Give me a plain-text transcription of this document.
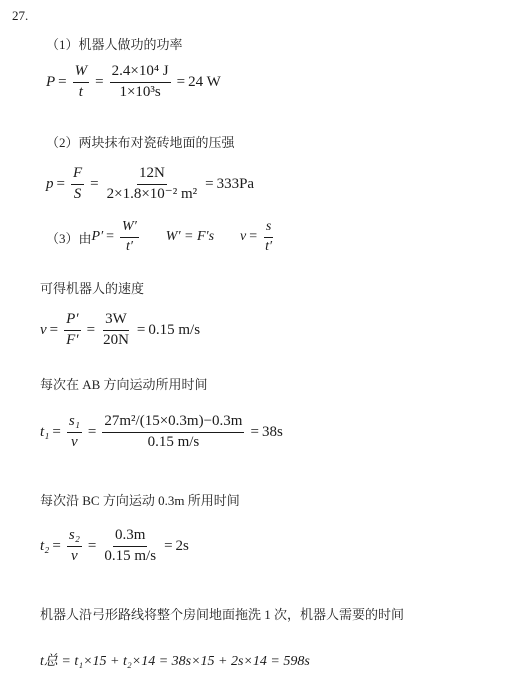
27.
（1）机器人做功的功率
$P = \frac{W}{t} = \frac{\text{2.4×10⁴ J}}{\text{1×10³s}} = 24$ W
（2）两块抹布对瓷砖地面的压强
$p = \frac{F}{S} = \frac{12N}{\text{2×1.8×10⁻² m²}} = 333Pa$
（3）由 $P' = \frac{W'}{t'} W' = F's$ $v = \frac{s}{t'}$
可得机器人的速度
$v = \frac{P'}{F'} = \frac{3W}{20N} = 0.15$ m/s
每次在 AB 方向运动所用时间
$t_1 = \frac{\text{s₁}}{v} = \frac{\text{27m²/(15×0.3m)−0.3m}}{0.15 m/s} = 38s$
每次沿 BC 方向运动 0.3m 所用时间
$t_2 = \frac{\text{s₂}}{v} = \frac{0.3m}{0.15 m/s} = 2s$
机器人沿弓形路线将整个房间地面拖洗 1 次，机器人需要的时间
t总 = t₁×15 + t₂×14 = 38s×15 + 2s×14 = 598s
